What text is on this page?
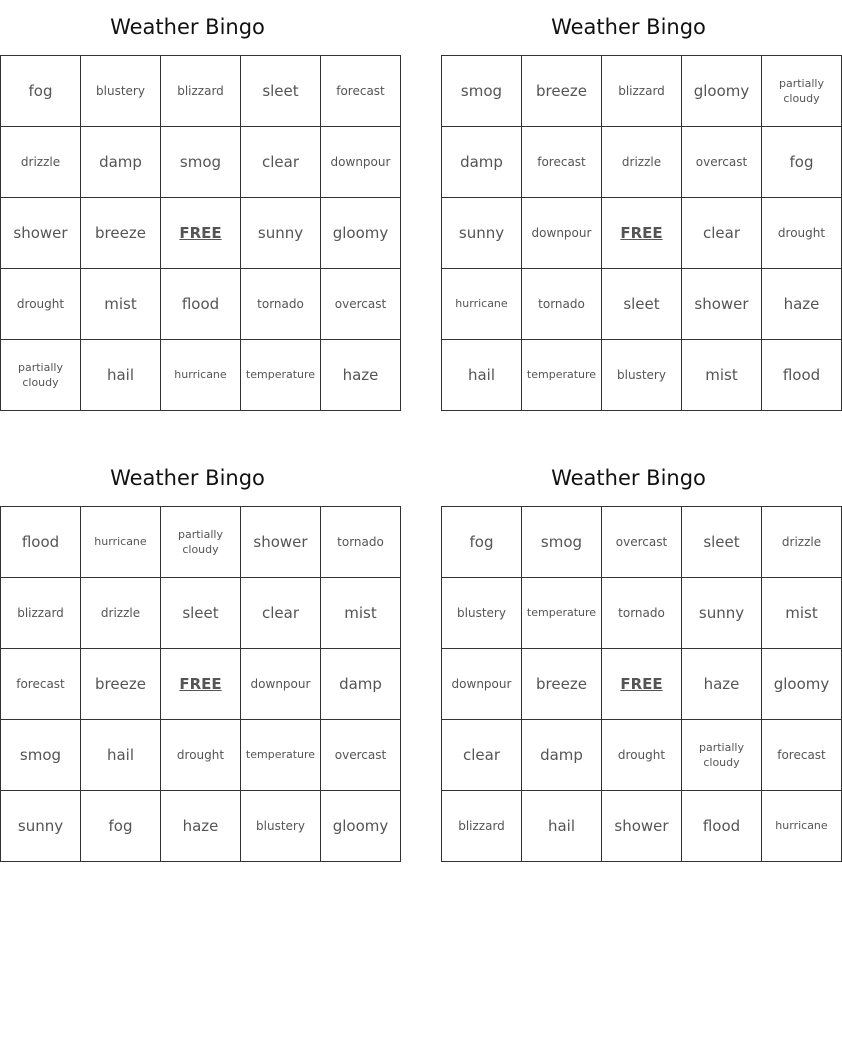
Weather Bingo
fog	blustery	blizzard	sleet	forecast
drizzle	damp	smog	clear	downpour
shower	breeze	FREE	sunny	gloomy
drought	mist	flood	tornado	overcast
partially cloudy	hail	hurricane	temperature	haze
Weather Bingo
smog	breeze	blizzard	gloomy	partially cloudy
damp	forecast	drizzle	overcast	fog
sunny	downpour	FREE	clear	drought
hurricane	tornado	sleet	shower	haze
hail	temperature	blustery	mist	flood
Weather Bingo
flood	hurricane	partially cloudy	shower	tornado
blizzard	drizzle	sleet	clear	mist
forecast	breeze	FREE	downpour	damp
smog	hail	drought	temperature	overcast
sunny	fog	haze	blustery	gloomy
Weather Bingo
fog	smog	overcast	sleet	drizzle
blustery	temperature	tornado	sunny	mist
downpour	breeze	FREE	haze	gloomy
clear	damp	drought	partially cloudy	forecast
blizzard	hail	shower	flood	hurricane
